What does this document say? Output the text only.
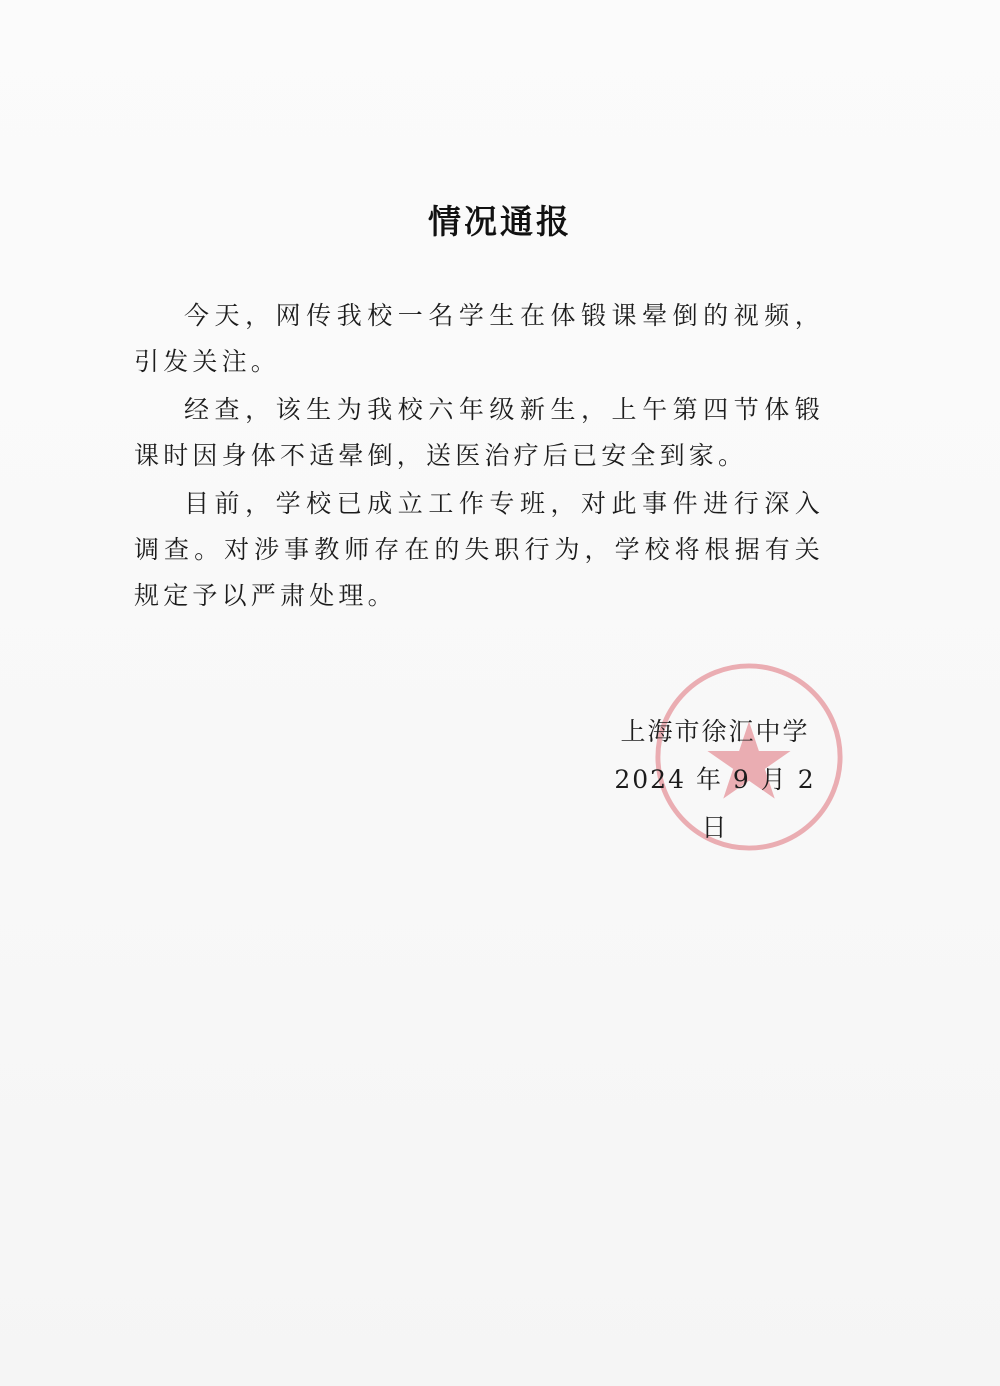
情况通报

今天，网传我校一名学生在体锻课晕倒的视频，引发关注。

经查，该生为我校六年级新生，上午第四节体锻课时因身体不适晕倒，送医治疗后已安全到家。

目前，学校已成立工作专班，对此事件进行深入调查。对涉事教师存在的失职行为，学校将根据有关规定予以严肃处理。

上海市徐汇中学
2024 年 9 月 2 日
